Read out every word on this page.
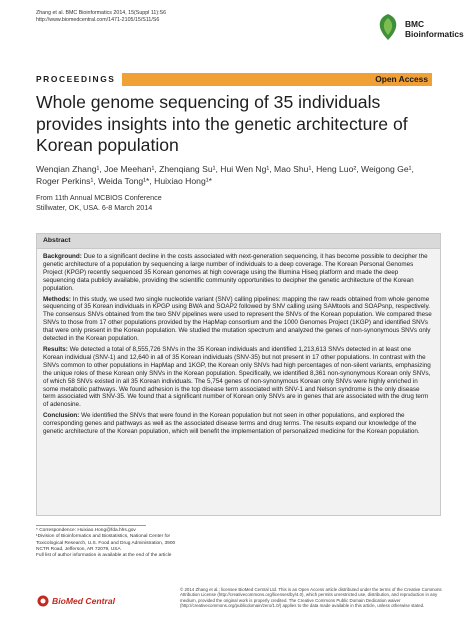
Zhang et al. BMC Bioinformatics 2014, 15(Suppl 11):S6
http://www.biomedcentral.com/1471-2105/15/S11/S6	BMC
Bioinformatics
PROCEEDINGS	Open Access
Whole genome sequencing of 35 individuals provides insights into the genetic architecture of Korean population
Wenqian Zhang¹, Joe Meehan¹, Zhenqiang Su¹, Hui Wen Ng¹, Mao Shu¹, Heng Luo², Weigong Ge¹, Roger Perkins¹, Weida Tong¹*, Huixiao Hong¹*
From 11th Annual MCBIOS Conference
Stillwater, OK, USA. 6-8 March 2014
Abstract

Background: Due to a significant decline in the costs associated with next-generation sequencing, it has become possible to decipher the genetic architecture of a population by sequencing a large number of individuals to a deep coverage. The Korean Personal Genomes Project (KPGP) recently sequenced 35 Korean genomes at high coverage using the Illumina Hiseq platform and made the deep sequencing data publicly available, providing the scientific community opportunities to decipher the genetic architecture of the Korean population.

Methods: In this study, we used two single nucleotide variant (SNV) calling pipelines: mapping the raw reads obtained from whole genome sequencing of 35 Korean individuals in KPGP using BWA and SOAP2 followed by SNV calling using SAMtools and SOAPsnp, respectively. The consensus SNVs obtained from the two SNV pipelines were used to represent the SNVs of the Korean population. We compared these SNVs to those from 17 other populations provided by the HapMap consortium and the 1000 Genomes Project (1KGP) and identified SNVs that were only present in the Korean population. We studied the mutation spectrum and analyzed the genes of non-synonymous SNVs only detected in the Korean population.

Results: We detected a total of 8,555,726 SNVs in the 35 Korean individuals and identified 1,213,613 SNVs detected in at least one Korean individual (SNV-1) and 12,640 in all of 35 Korean individuals (SNV-35) but not present in 17 other populations. In contrast with the SNVs common to other populations in HapMap and 1KGP, the Korean only SNVs had high percentages of non-silent variants, emphasizing the unique roles of these Korean only SNVs in the Korean population. Specifically, we identified 8,361 non-synonymous Korean only SNVs, of which 58 SNVs existed in all 35 Korean individuals. The 5,754 genes of non-synonymous Korean only SNVs were highly enriched in some metabolic pathways. We found adhesion is the top disease term associated with SNV-1 and Nelson syndrome is the only disease term associated with SNV-35. We found that a significant number of Korean only SNVs are in genes that are associated with the drug term of adenosine.

Conclusion: We identified the SNVs that were found in the Korean population but not seen in other populations, and explored the corresponding genes and pathways as well as the associated disease terms and drug terms. The results expand our knowledge of the genetic architecture of the Korean population, which will benefit the implementation of personalized medicine for the Korean population.

* Correspondence: Huixiao.Hong@fda.hhs.gov

¹Division of Bioinformatics and Biostatistics, National Center for Toxicological Research, U.S. Food and Drug Administration, 3900 NCTR Road, Jefferson, AR 72079, USA

Full list of author information is available at the end of the article

BioMed Central
© 2014 Zhang et al.; licensee BioMed Central Ltd. This is an Open Access article distributed under the terms of the Creative Commons Attribution License (http://creativecommons.org/licenses/by/4.0), which permits unrestricted use, distribution, and reproduction in any medium, provided the original work is properly credited. The Creative Commons Public Domain Dedication waiver (http://creativecommons.org/publicdomain/zero/1.0/) applies to the data made available in this article, unless otherwise stated.
